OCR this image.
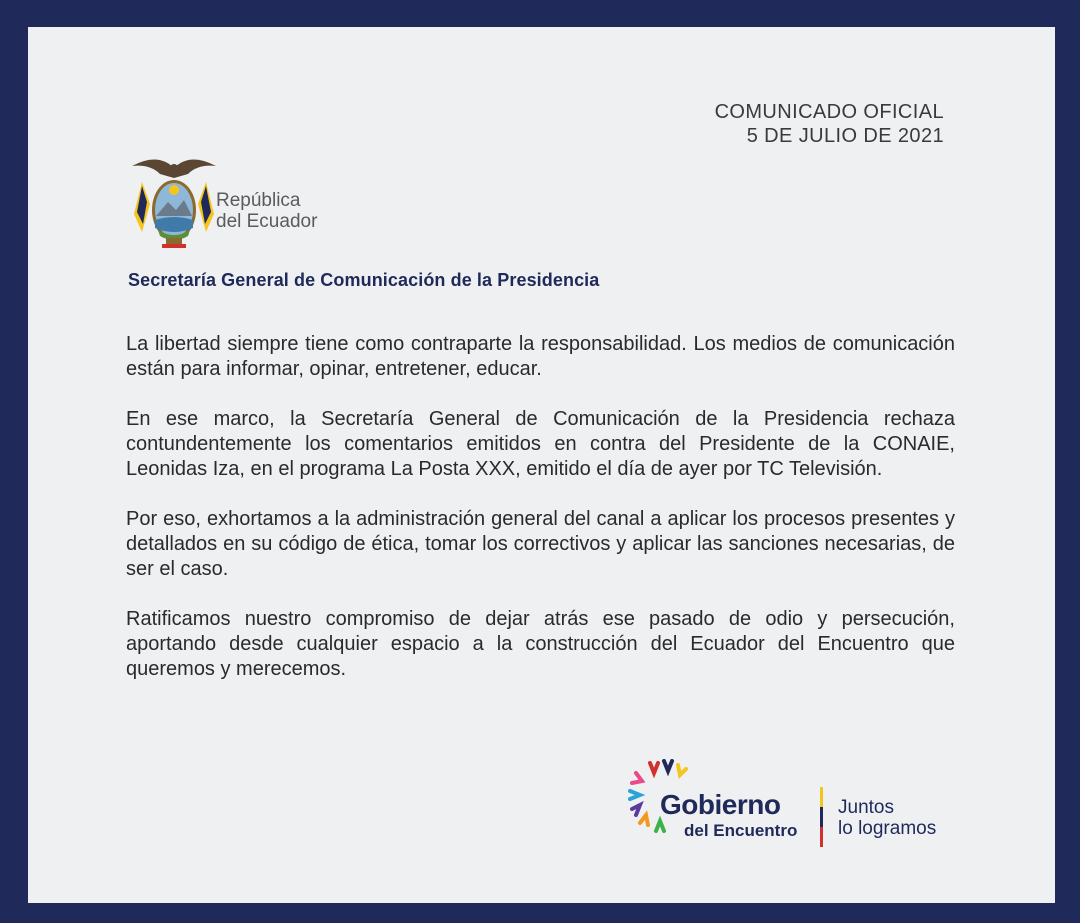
COMUNICADO OFICIAL
5 DE JULIO DE 2021
República
del Ecuador
Secretaría General de Comunicación de la Presidencia

La libertad siempre tiene como contraparte la responsabilidad. Los medios de comunicación están para informar, opinar, entretener, educar.

En ese marco, la Secretaría General de Comunicación de la Presidencia rechaza contundentemente los comentarios emitidos en contra del Presidente de la CONAIE, Leonidas Iza, en el programa La Posta XXX, emitido el día de ayer por TC Televisión.

Por eso, exhortamos a la administración general del canal a aplicar los procesos presentes y detallados en su código de ética, tomar los correctivos y aplicar las sanciones necesarias, de ser el caso.

Ratificamos nuestro compromiso de dejar atrás ese pasado de odio y persecución, aportando desde cualquier espacio a la construcción del Ecuador del Encuentro que queremos y merecemos.

Gobierno
del Encuentro
Juntos
lo logramos
